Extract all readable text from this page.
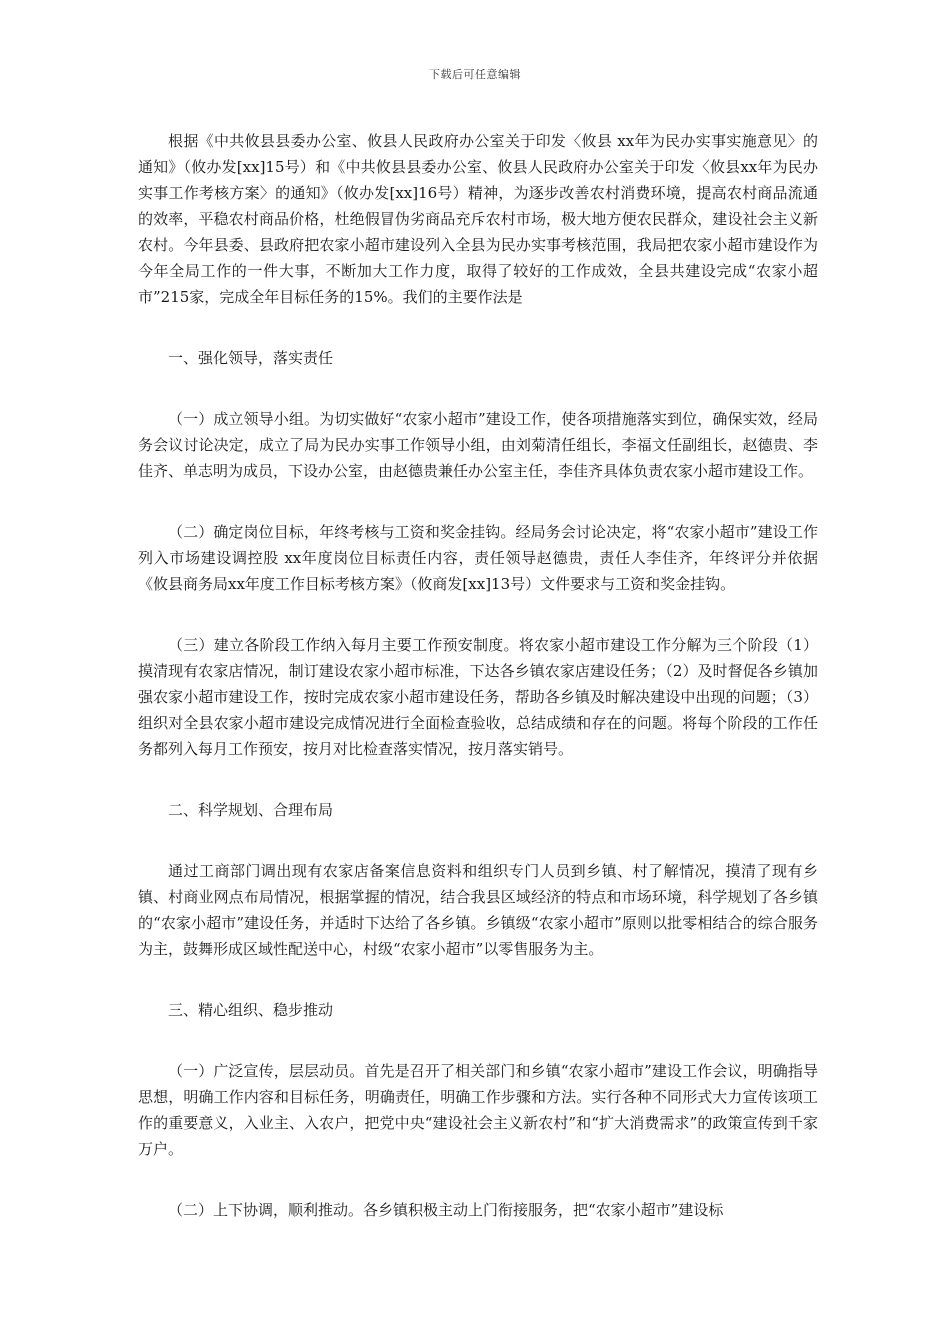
下载后可任意编辑

根据《中共攸县县委办公室、攸县人民政府办公室关于印发〈攸县 xx年为民办实事实施意见〉的通知》（攸办发[xx]15号）和《中共攸县县委办公室、攸县人民政府办公室关于印发〈攸县xx年为民办实事工作考核方案〉的通知》（攸办发[xx]16号）精神，为逐步改善农村消费环境，提高农村商品流通的效率，平稳农村商品价格，杜绝假冒伪劣商品充斥农村市场，极大地方便农民群众，建设社会主义新农村。今年县委、县政府把农家小超市建设列入全县为民办实事考核范围，我局把农家小超市建设作为今年全局工作的一件大事，不断加大工作力度，取得了较好的工作成效，全县共建设完成“农家小超市”215家，完成全年目标任务的15%。我们的主要作法是

一、强化领导，落实责任

（一）成立领导小组。为切实做好“农家小超市”建设工作，使各项措施落实到位，确保实效，经局务会议讨论决定，成立了局为民办实事工作领导小组，由刘菊清任组长，李福文任副组长，赵德贵、李佳齐、单志明为成员，下设办公室，由赵德贵兼任办公室主任，李佳齐具体负责农家小超市建设工作。

（二）确定岗位目标，年终考核与工资和奖金挂钩。经局务会讨论决定，将“农家小超市”建设工作列入市场建设调控股 xx年度岗位目标责任内容，责任领导赵德贵，责任人李佳齐，年终评分并依据《攸县商务局xx年度工作目标考核方案》（攸商发[xx]13号）文件要求与工资和奖金挂钩。

（三）建立各阶段工作纳入每月主要工作预安制度。将农家小超市建设工作分解为三个阶段（1）摸清现有农家店情况，制订建设农家小超市标准，下达各乡镇农家店建设任务；（2）及时督促各乡镇加强农家小超市建设工作，按时完成农家小超市建设任务，帮助各乡镇及时解决建设中出现的问题；（3）组织对全县农家小超市建设完成情况进行全面检查验收，总结成绩和存在的问题。将每个阶段的工作任务都列入每月工作预安，按月对比检查落实情况，按月落实销号。

二、科学规划、合理布局

通过工商部门调出现有农家店备案信息资料和组织专门人员到乡镇、村了解情况，摸清了现有乡镇、村商业网点布局情况，根据掌握的情况，结合我县区域经济的特点和市场环境，科学规划了各乡镇的“农家小超市”建设任务，并适时下达给了各乡镇。乡镇级“农家小超市”原则以批零相结合的综合服务为主，鼓舞形成区域性配送中心，村级“农家小超市”以零售服务为主。

三、精心组织、稳步推动

（一）广泛宣传，层层动员。首先是召开了相关部门和乡镇“农家小超市”建设工作会议，明确指导思想，明确工作内容和目标任务，明确责任，明确工作步骤和方法。实行各种不同形式大力宣传该项工作的重要意义，入业主、入农户，把党中央“建设社会主义新农村”和“扩大消费需求”的政策宣传到千家万户。

（二）上下协调，顺利推动。各乡镇积极主动上门衔接服务，把“农家小超市”建设标
